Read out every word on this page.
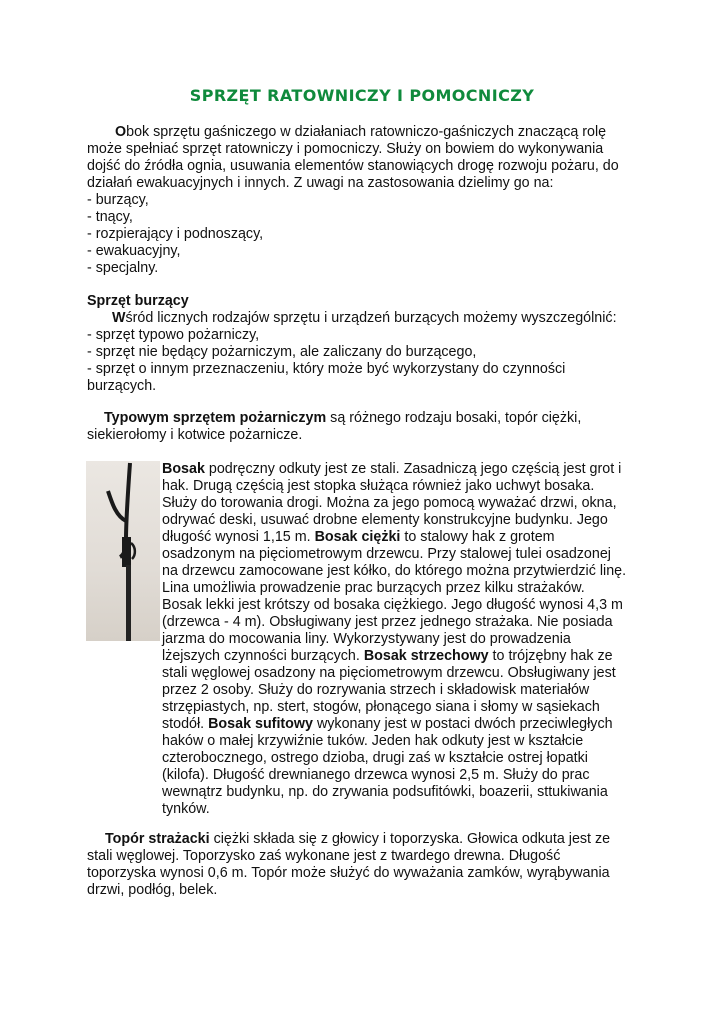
SPRZĘT RATOWNICZY I POMOCNICZY
Obok sprzętu gaśniczego w działaniach ratowniczo-gaśniczych znaczącą rolę
może spełniać sprzęt ratowniczy i pomocniczy. Służy on bowiem do wykonywania
dojść do źródła ognia, usuwania elementów stanowiących drogę rozwoju pożaru, do
działań ewakuacyjnych i innych. Z uwagi na zastosowania dzielimy go na:
- burzący,
- tnący,
- rozpierający i podnoszący,
- ewakuacyjny,
- specjalny.
Sprzęt burzący
Wśród licznych rodzajów sprzętu i urządzeń burzących możemy wyszczególnić:
- sprzęt typowo pożarniczy,
- sprzęt nie będący pożarniczym, ale zaliczany do burzącego,
- sprzęt o innym przeznaczeniu, który może być wykorzystany do czynności
burzących.
Typowym sprzętem pożarniczym są różnego rodzaju bosaki, topór ciężki,
siekierołomy i kotwice pożarnicze.
Bosak podręczny odkuty jest ze stali. Zasadniczą jego częścią jest grot i
hak. Drugą częścią jest stopka służąca również jako uchwyt bosaka.
Służy do torowania drogi. Można za jego pomocą wyważać drzwi, okna,
odrywać deski, usuwać drobne elementy konstrukcyjne budynku. Jego
długość wynosi 1,15 m. Bosak ciężki to stalowy hak z grotem
osadzonym na pięciometrowym drzewcu. Przy stalowej tulei osadzonej
na drzewcu zamocowane jest kółko, do którego można przytwierdzić linę.
Lina umożliwia prowadzenie prac burzących przez kilku strażaków.
Bosak lekki jest krótszy od bosaka ciężkiego. Jego długość wynosi 4,3 m
(drzewca - 4 m). Obsługiwany jest przez jednego strażaka. Nie posiada
jarzma do mocowania liny. Wykorzystywany jest do prowadzenia
lżejszych czynności burzących. Bosak strzechowy to trójzębny hak ze
stali węglowej osadzony na pięciometrowym drzewcu. Obsługiwany jest
przez 2 osoby. Służy do rozrywania strzech i składowisk materiałów
strzępiastych, np. stert, stogów, płonącego siana i słomy w sąsiekach
stodół. Bosak sufitowy wykonany jest w postaci dwóch przeciwległych
haków o małej krzywiźnie tuków. Jeden hak odkuty jest w kształcie
czterobocznego, ostrego dzioba, drugi zaś w kształcie ostrej łopatki
(kilofa). Długość drewnianego drzewca wynosi 2,5 m. Służy do prac
wewnątrz budynku, np. do zrywania podsufitówki, boazerii, sttukiwania
tynków.
Topór strażacki ciężki składa się z głowicy i toporzyska. Głowica odkuta jest ze
stali węglowej. Toporzysko zaś wykonane jest z twardego drewna. Długość
toporzyska wynosi 0,6 m. Topór może służyć do wyważania zamków, wyrąbywania
drzwi, podłóg, belek.
